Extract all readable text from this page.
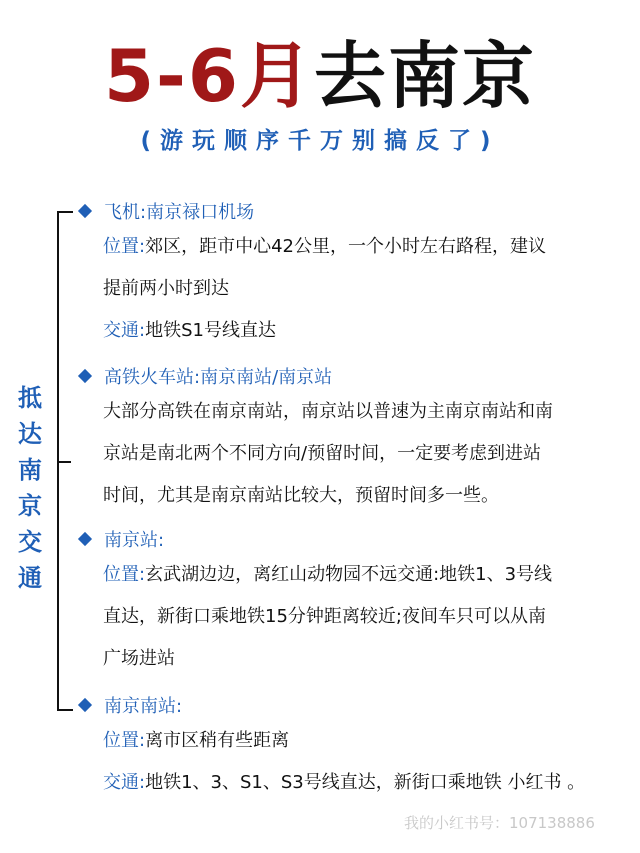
5-6月去南京
(游玩顺序千万别搞反了)
抵
达
南
京
交
通
飞机:南京禄口机场
位置:郊区，距市中心42公里，一个小时左右路程，建议
提前两小时到达
交通:地铁S1号线直达
高铁火车站:南京南站/南京站
大部分高铁在南京南站，南京站以普速为主南京南站和南
京站是南北两个不同方向/预留时间，一定要考虑到进站
时间，尤其是南京南站比较大，预留时间多一些。
南京站:
位置:玄武湖边边，离红山动物园不远交通:地铁1、3号线
直达，新街口乘地铁15分钟距离较近;夜间车只可以从南
广场进站
南京南站:
位置:离市区稍有些距离
交通:地铁1、3、S1、S3号线直达，新街口乘地铁 小红书 。
我的小红书号：107138886
